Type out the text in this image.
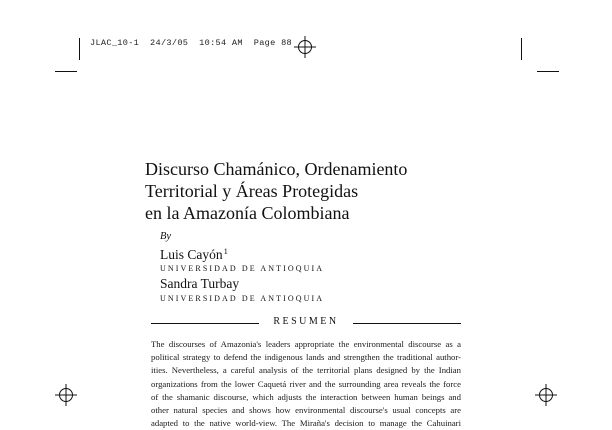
JLAC_10-1 24/3/05 10:54 AM Page 88
Discurso Chamánico, Ordenamiento
Territorial y Áreas Protegidas
en la Amazonía Colombiana
By
Luis Cayón$^1$
UNIVERSIDAD DE ANTIOQUIA
Sandra Turbay
UNIVERSIDAD DE ANTIOQUIA
RESUMEN
The discourses of Amazonia's leaders appropriate the environmental discourse as a
political strategy to defend the indigenous lands and strengthen the traditional author-
ities. Nevertheless, a careful analysis of the territorial plans designed by the Indian
organizations from the lower Caquetá river and the surrounding area reveals the force
of the shamanic discourse, which adjusts the interaction between human beings and
other natural species and shows how environmental discourse's usual concepts are
adapted to the native world-view. The Miraña's decision to manage the Cahuinari
